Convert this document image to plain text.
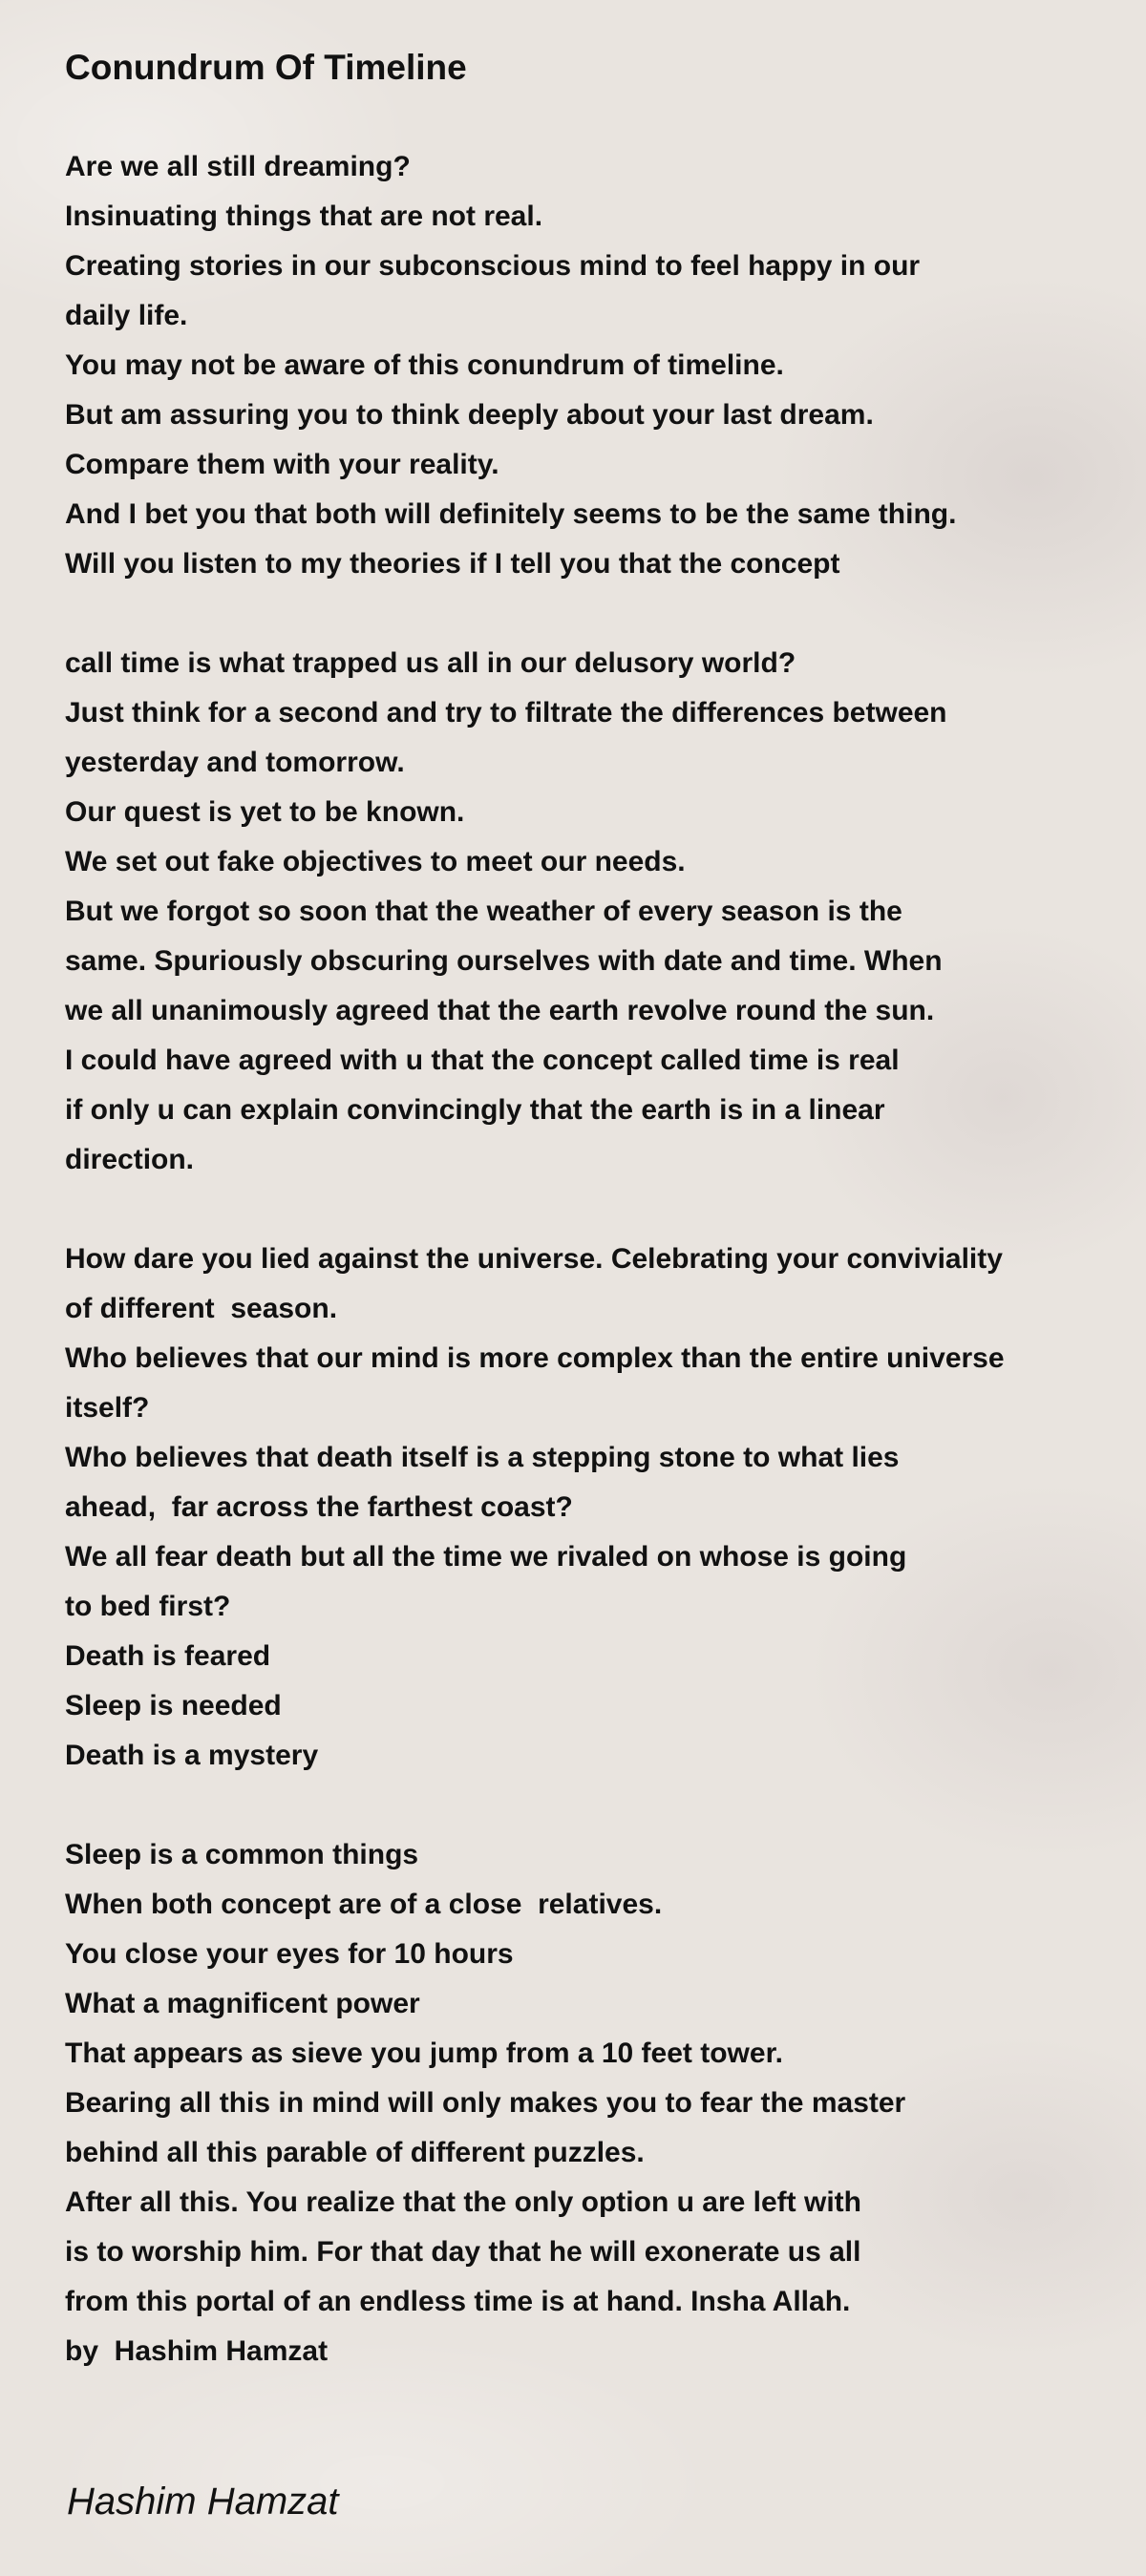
Conundrum Of Timeline
Are we all still dreaming?
Insinuating things that are not real.
Creating stories in our subconscious mind to feel happy in our
daily life.
You may not be aware of this conundrum of timeline.
But am assuring you to think deeply about your last dream.
Compare them with your reality.
And I bet you that both will definitely seems to be the same thing.
Will you listen to my theories if I tell you that the concept
call time is what trapped us all in our delusory world?
Just think for a second and try to filtrate the differences between
yesterday and tomorrow.
Our quest is yet to be known.
We set out fake objectives to meet our needs.
But we forgot so soon that the weather of every season is the
same. Spuriously obscuring ourselves with date and time. When
we all unanimously agreed that the earth revolve round the sun.
I could have agreed with u that the concept called time is real
if only u can explain convincingly that the earth is in a linear
direction.
How dare you lied against the universe. Celebrating your conviviality
of different  season.
Who believes that our mind is more complex than the entire universe
itself?
Who believes that death itself is a stepping stone to what lies
ahead,  far across the farthest coast?
We all fear death but all the time we rivaled on whose is going
to bed first?
Death is feared
Sleep is needed
Death is a mystery
Sleep is a common things
When both concept are of a close  relatives.
You close your eyes for 10 hours
What a magnificent power
That appears as sieve you jump from a 10 feet tower.
Bearing all this in mind will only makes you to fear the master
behind all this parable of different puzzles.
After all this. You realize that the only option u are left with
is to worship him. For that day that he will exonerate us all
from this portal of an endless time is at hand. Insha Allah.
by  Hashim Hamzat
Hashim Hamzat
